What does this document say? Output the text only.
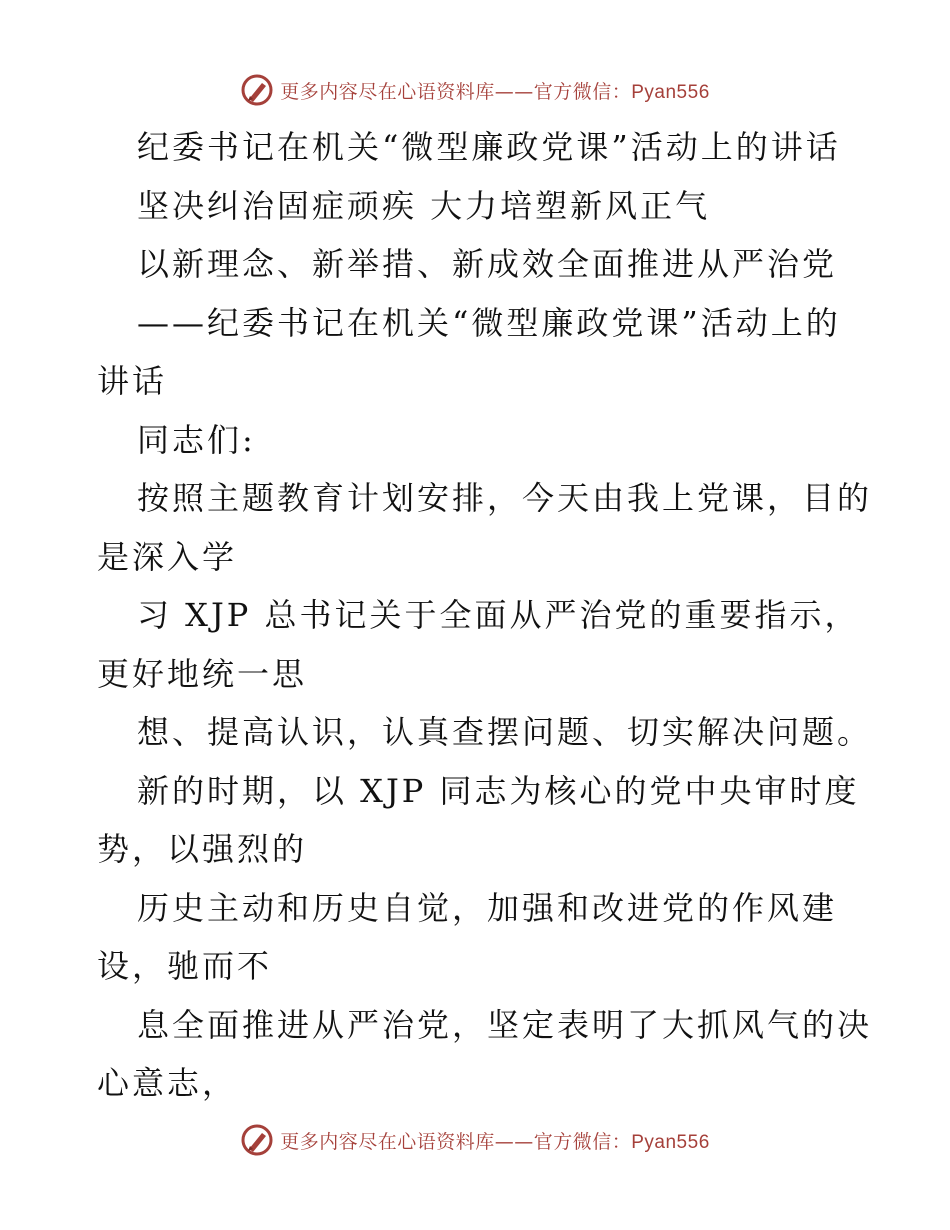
更多内容尽在心语资料库——官方微信：Pyan556
纪委书记在机关“微型廉政党课”活动上的讲话
坚决纠治固症顽疾 大力培塑新风正气
以新理念、新举措、新成效全面推进从严治党
——纪委书记在机关“微型廉政党课”活动上的
讲话
同志们:
按照主题教育计划安排，今天由我上党课，目的
是深入学
习 XJP 总书记关于全面从严治党的重要指示，
更好地统一思
想、提高认识，认真查摆问题、切实解决问题。
新的时期，以 XJP 同志为核心的党中央审时度
势，以强烈的
历史主动和历史自觉，加强和改进党的作风建
设，驰而不
息全面推进从严治党，坚定表明了大抓风气的决
心意志，
更多内容尽在心语资料库——官方微信：Pyan556
